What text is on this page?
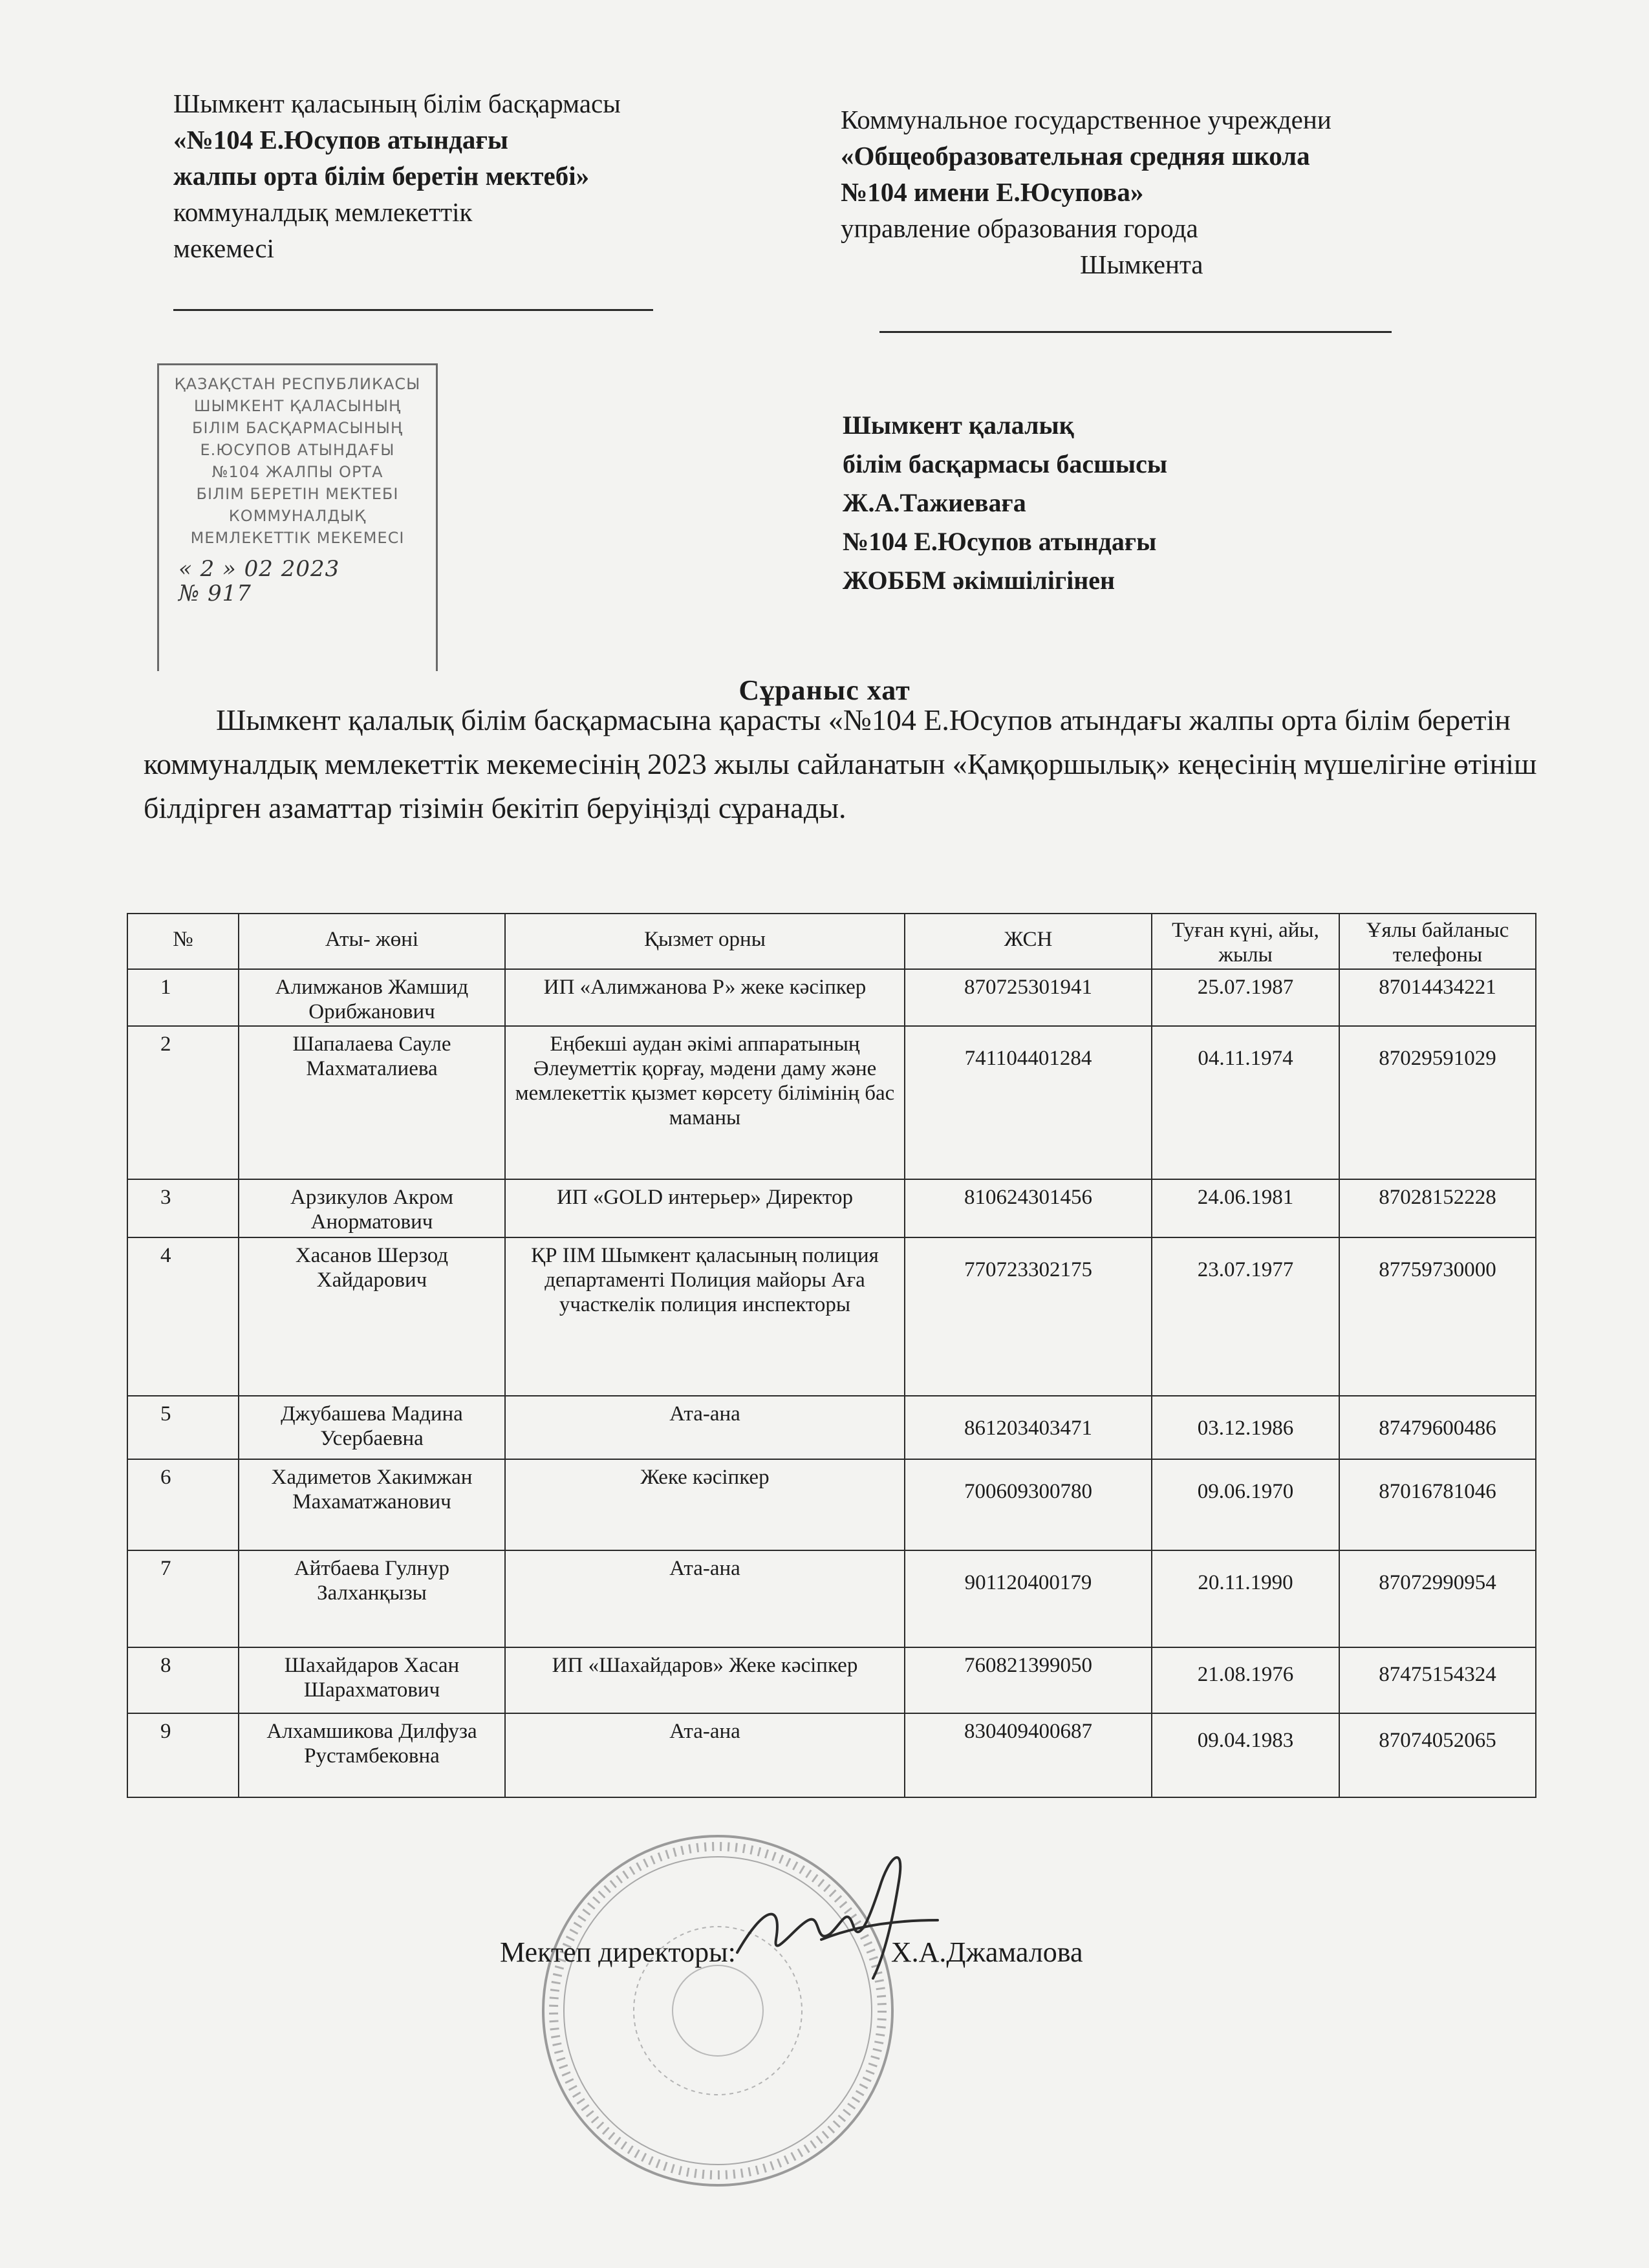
Шымкент қаласының білім басқармасы
«№104 Е.Юсупов атындағы
жалпы орта білім беретін мектебі»
коммуналдық мемлекеттік
мекемесі
Коммунальное государственное учреждени
«Общеобразовательная средняя школа
№104 имени Е.Юсупова»
управление образования города
Шымкента
ҚАЗАҚСТАН РЕСПУБЛИКАСЫ
ШЫМКЕНТ ҚАЛАСЫНЫҢ
БІЛІМ БАСҚАРМАСЫНЫҢ
Е.ЮСУПОВ АТЫНДАҒЫ
№104 ЖАЛПЫ ОРТА
БІЛІМ БЕРЕТІН МЕКТЕБІ
КОММУНАЛДЫҚ
МЕМЛЕКЕТТІК МЕКЕМЕСІ
« 2 » 02 2023
№ 917
Шымкент қалалық
білім басқармасы басшысы
Ж.А.Тажиеваға
№104 Е.Юсупов атындағы
ЖОББМ әкімшілігінен
Сұраныс хат
Шымкент қалалық білім басқармасына қарасты «№104 Е.Юсупов атындағы жалпы орта білім беретін коммуналдық мемлекеттік мекемесінің 2023 жылы сайланатын «Қамқоршылық» кеңесінің мүшелігіне өтініш білдірген азаматтар тізімін бекітіп беруіңізді сұранады.
№	Аты- жөні	Қызмет орны	ЖСН	Туған күні, айы, жылы	Ұялы байланыс телефоны
1	Алимжанов Жамшид Орибжанович	ИП «Алимжанова Р» жеке кәсіпкер	870725301941	25.07.1987	87014434221
2	Шапалаева Сауле Махматалиева	Еңбекші аудан әкімі аппаратының Әлеуметтік қорғау, мәдени даму және мемлекеттік қызмет көрсету білімінің бас маманы	741104401284	04.11.1974	87029591029
3	Арзикулов Акром Анорматович	ИП «GOLD интерьер» Директор	810624301456	24.06.1981	87028152228
4	Хасанов Шерзод Хайдарович	ҚР ІІМ Шымкент қаласының полиция департаменті Полиция майоры Аға участкелік полиция инспекторы	770723302175	23.07.1977	87759730000
5	Джубашева Мадина Усербаевна	Ата-ана	861203403471	03.12.1986	87479600486
6	Хадиметов Хакимжан Махаматжанович	Жеке кәсіпкер	700609300780	09.06.1970	87016781046
7	Айтбаева Гулнур Залханқызы	Ата-ана	901120400179	20.11.1990	87072990954
8	Шахайдаров Хасан Шарахматович	ИП «Шахайдаров» Жеке кәсіпкер	760821399050	21.08.1976	87475154324
9	Алхамшикова Дилфуза Рустамбековна	Ата-ана	830409400687	09.04.1983	87074052065
Мектеп директоры:	Х.А.Джамалова
